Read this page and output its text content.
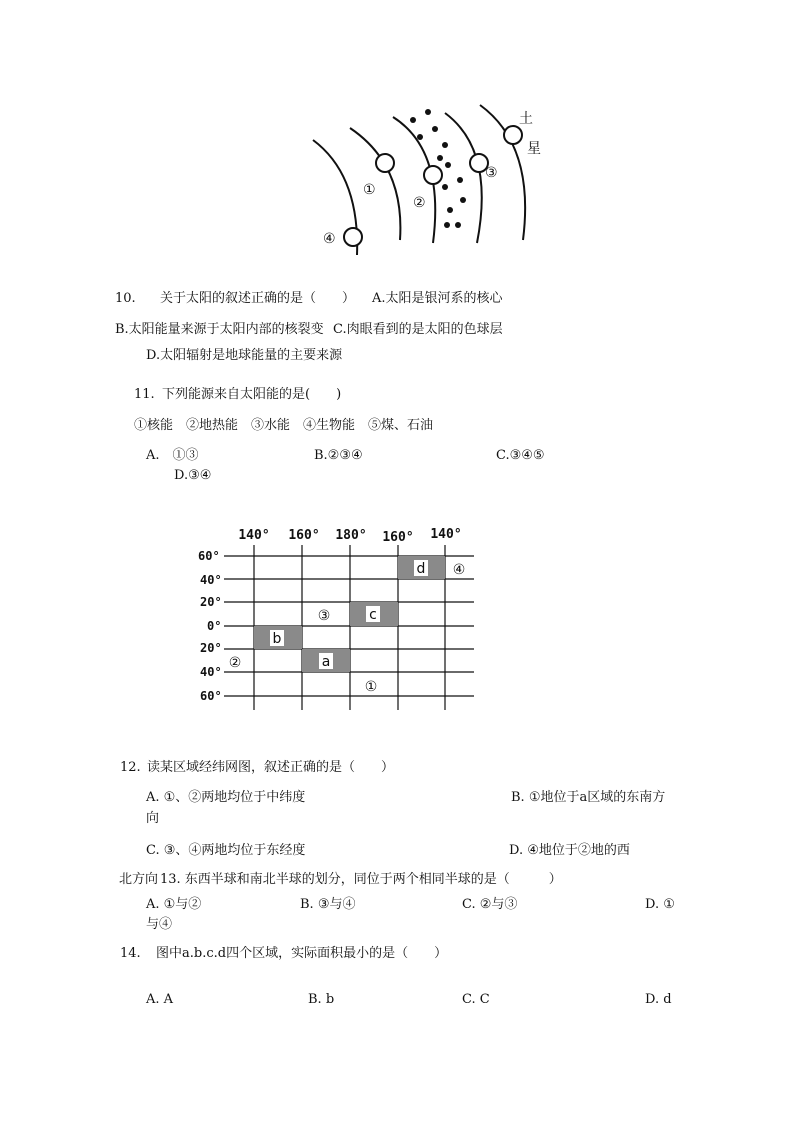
①
②
③
④
土
星
10. 关于太阳的叙述正确的是（　　） A.太阳是银河系的核心
B.太阳能量来源于太阳内部的核裂变 C.肉眼看到的是太阳的色球层
D.太阳辐射是地球能量的主要来源
11. 下列能源来自太阳能的是(　　)
①核能　②地热能　③水能　④生物能　⑤煤、石油
A.　①③	B.②③④	C.③④⑤
D.③④
a
b
c
d
①
②
③
④
140° 160° 180° 160° 140°
60°
40°
20°
0°
20°
40°
60°
12. 读某区域经纬网图，叙述正确的是（　　）
A. ①、②两地均位于中纬度	B. ①地位于a区域的东南方
向
C. ③、④两地均位于东经度	D. ④地位于②地的西
北方向 13. 东西半球和南北半球的划分，同位于两个相同半球的是（　　　）
A. ①与②	B. ③与④	C. ②与③	D. ①
与④
14. 图中a.b.c.d四个区域，实际面积最小的是（　　）
A. A	B. b	C. C	D. d
